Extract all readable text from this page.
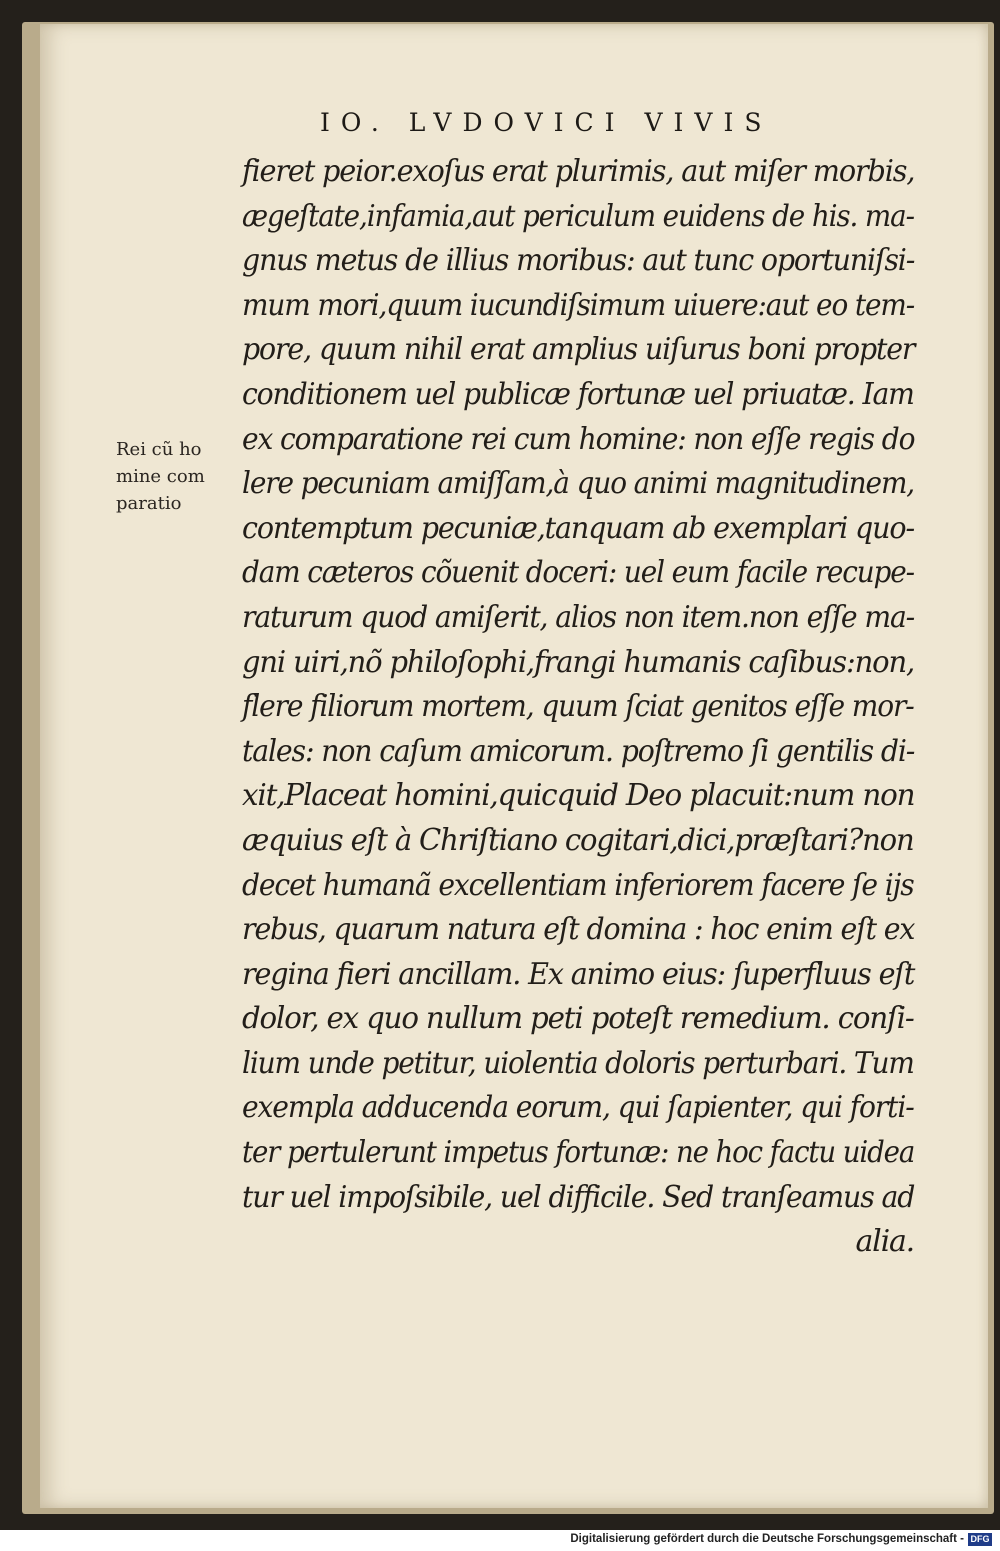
IO. LVDOVICI VIVIS
Rei cũ ho
mine com
paratio
fieret peior.exoſus erat plurimis, aut miſer morbis,
ægeſtate,infamia,aut periculum euidens de his. ma-
gnus metus de illius moribus: aut tunc oportuniſsi-
mum mori,quum iucundiſsimum uiuere:aut eo tem-
pore, quum nihil erat amplius uiſurus boni propter
conditionem uel publicæ fortunæ uel priuatæ. Iam
ex comparatione rei cum homine: non eſſe regis do
lere pecuniam amiſſam,à quo animi magnitudinem,
contemptum pecuniæ,tanquam ab exemplari quo-
dam cæteros cõuenit doceri: uel eum facile recupe-
raturum quod amiſerit, alios non item.non eſſe ma-
gni uiri,nõ philoſophi,frangi humanis caſibus:non,
flere filiorum mortem, quum ſciat genitos eſſe mor-
tales: non caſum amicorum. poſtremo ſi gentilis di-
xit,Placeat homini,quicquid Deo placuit:num non
æquius eſt à Chriſtiano cogitari,dici,præſtari?non
decet humanã excellentiam inferiorem facere ſe ijs
rebus, quarum natura eſt domina : hoc enim eſt ex
regina fieri ancillam. Ex animo eius: ſuperfluus eſt
dolor, ex quo nullum peti poteſt remedium. conſi-
lium unde petitur, uiolentia doloris perturbari. Tum
exempla adducenda eorum, qui ſapienter, qui forti-
ter pertulerunt impetus fortunæ: ne hoc factu uidea
tur uel impoſsibile, uel difficile. Sed tranſeamus ad
alia.
Digitalisierung gefördert durch die Deutsche Forschungsgemeinschaft - DFG
